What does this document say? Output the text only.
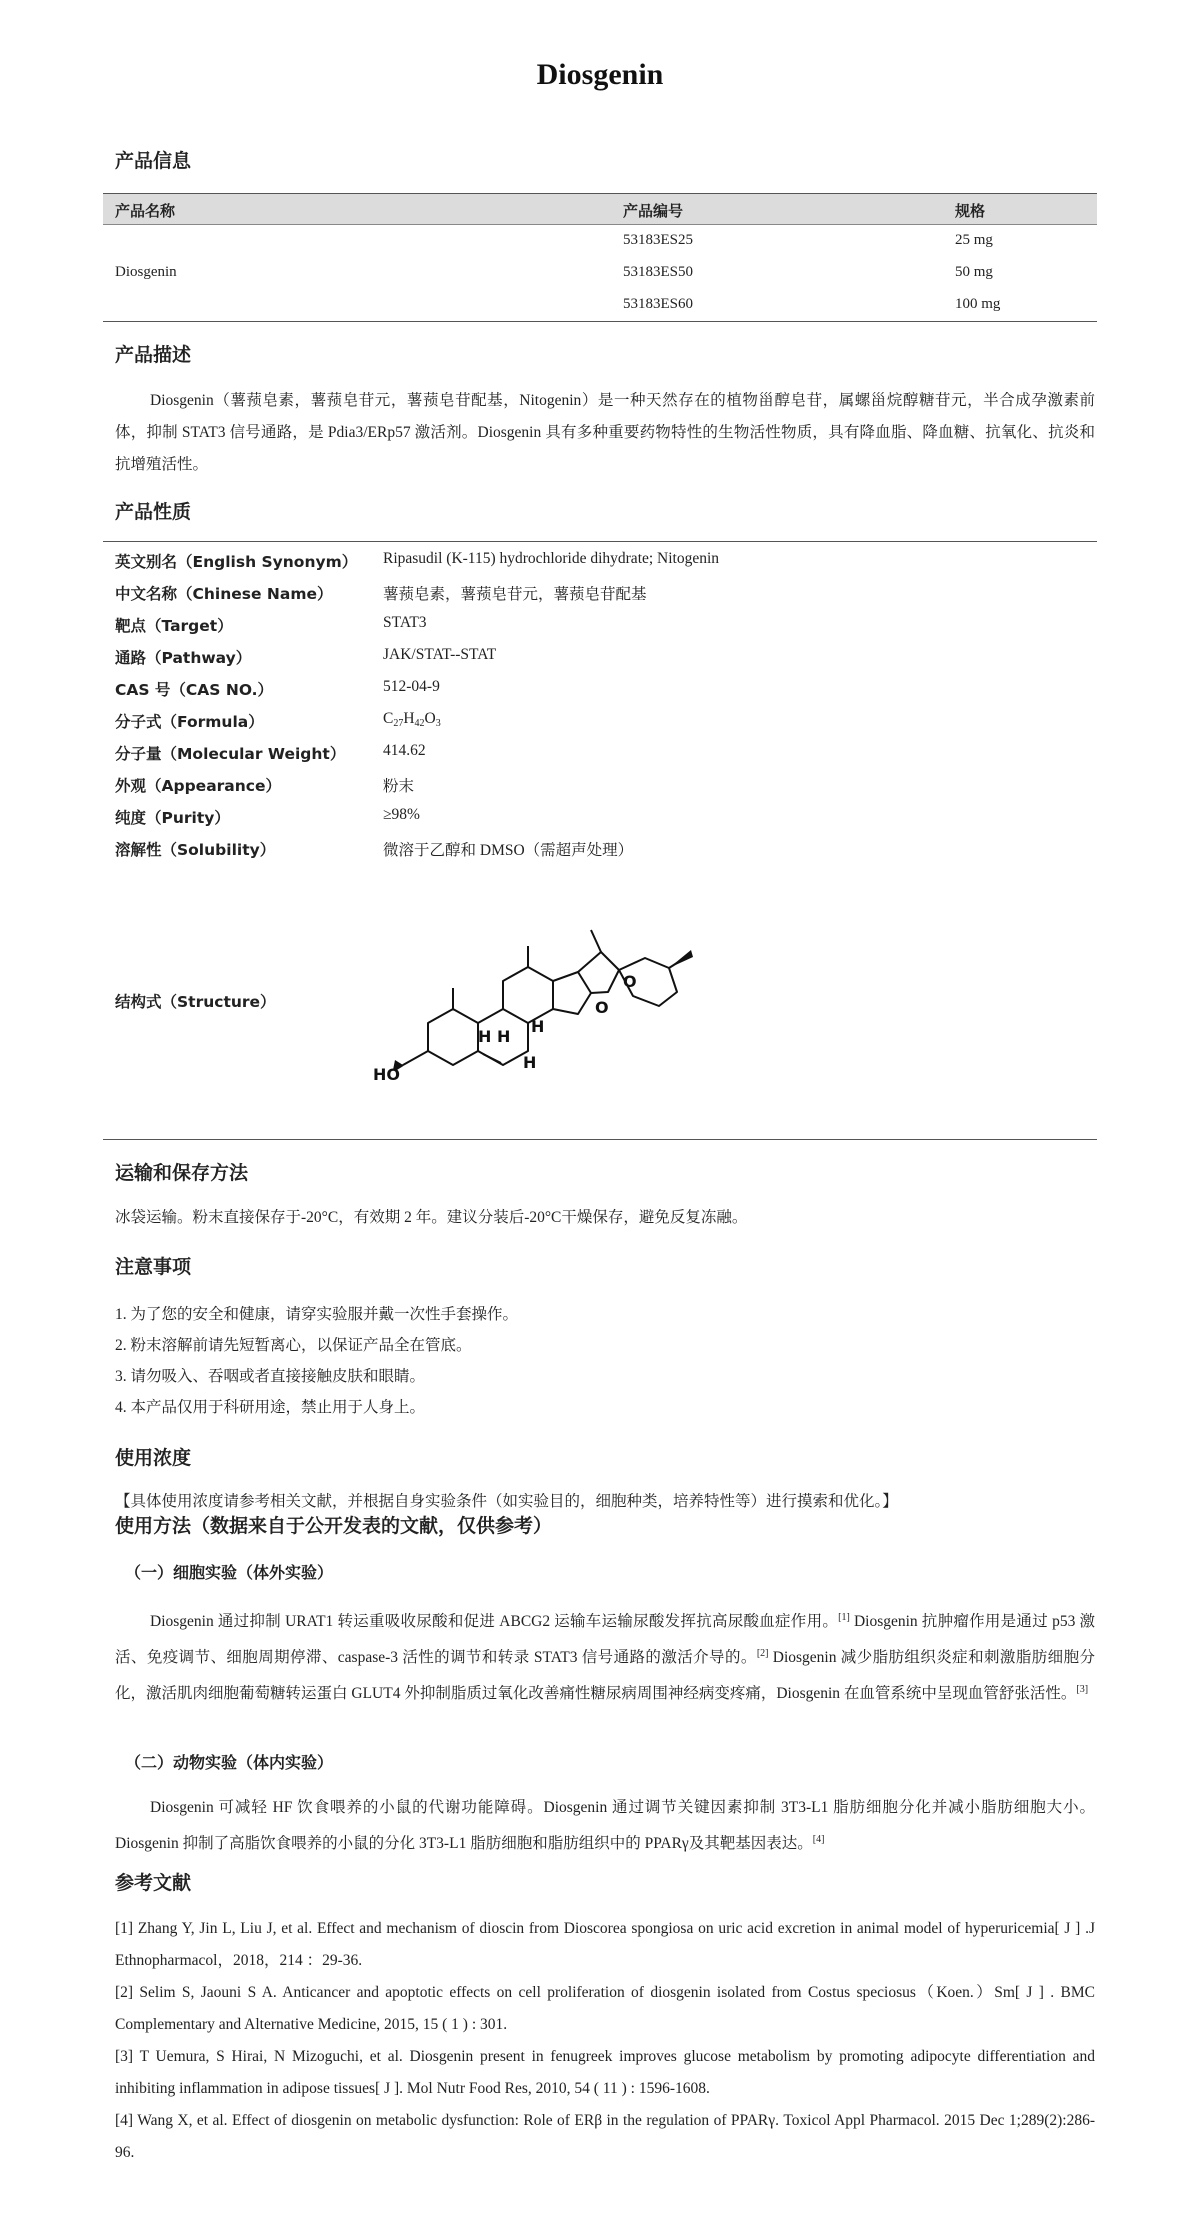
Diosgenin
产品信息
产品名称	产品编号	规格
Diosgenin
53183ES25	25 mg
53183ES50	50 mg
53183ES60	100 mg
产品描述
Diosgenin（薯蓣皂素，薯蓣皂苷元，薯蓣皂苷配基，Nitogenin）是一种天然存在的植物甾醇皂苷，属螺甾烷醇糖苷元，半合成孕激素前体，抑制 STAT3 信号通路，是 Pdia3/ERp57 激活剂。Diosgenin 具有多种重要药物特性的生物活性物质，具有降血脂、降血糖、抗氧化、抗炎和抗增殖活性。
产品性质
英文别名（English Synonym） Ripasudil (K-115) hydrochloride dihydrate; Nitogenin
中文名称（Chinese Name）	薯蓣皂素，薯蓣皂苷元，薯蓣皂苷配基
靶点（Target）	STAT3
通路（Pathway）	JAK/STAT--STAT
CAS 号（CAS NO.）	512-04-9
分子式（Formula）	C27H42O3
分子量（Molecular Weight） 414.62
外观（Appearance）	粉末
纯度（Purity）	≥98%
溶解性（Solubility）	微溶于乙醇和 DMSO（需超声处理）
结构式（Structure）
HO
H H
H
H
O
O
运输和保存方法
冰袋运输。粉末直接保存于-20°C，有效期 2 年。建议分装后-20°C干燥保存，避免反复冻融。
注意事项
1. 为了您的安全和健康，请穿实验服并戴一次性手套操作。
2. 粉末溶解前请先短暂离心，以保证产品全在管底。
3. 请勿吸入、吞咽或者直接接触皮肤和眼睛。
4. 本产品仅用于科研用途，禁止用于人身上。
使用浓度
【具体使用浓度请参考相关文献，并根据自身实验条件（如实验目的，细胞种类，培养特性等）进行摸索和优化。】
使用方法（数据来自于公开发表的文献，仅供参考）
（一）细胞实验（体外实验）
Diosgenin 通过抑制 URAT1 转运重吸收尿酸和促进 ABCG2 运输车运输尿酸发挥抗高尿酸血症作用。[1] Diosgenin 抗肿瘤作用是通过 p53 激活、免疫调节、细胞周期停滞、caspase-3 活性的调节和转录 STAT3 信号通路的激活介导的。[2] Diosgenin 减少脂肪组织炎症和刺激脂肪细胞分化，激活肌肉细胞葡萄糖转运蛋白 GLUT4 外抑制脂质过氧化改善痛性糖尿病周围神经病变疼痛，Diosgenin 在血管系统中呈现血管舒张活性。[3]
（二）动物实验（体内实验）
Diosgenin 可减轻 HF 饮食喂养的小鼠的代谢功能障碍。Diosgenin 通过调节关键因素抑制 3T3-L1 脂肪细胞分化并减小脂肪细胞大小。Diosgenin 抑制了高脂饮食喂养的小鼠的分化 3T3-L1 脂肪细胞和脂肪组织中的 PPARγ及其靶基因表达。[4]
参考文献
[1] Zhang Y, Jin L, Liu J, et al. Effect and mechanism of dioscin from Dioscorea spongiosa on uric acid excretion in animal model of hyperuricemia[ J ] .J Ethnopharmacol，2018，214 ：29-36.
[2] Selim S, Jaouni S A. Anticancer and apoptotic effects on cell proliferation of diosgenin isolated from Costus speciosus（Koen.）Sm[ J ] . BMC Complementary and Alternative Medicine, 2015, 15 ( 1 ) : 301.
[3] T Uemura, S Hirai, N Mizoguchi, et al. Diosgenin present in fenugreek improves glucose metabolism by promoting adipocyte differentiation and inhibiting inflammation in adipose tissues[ J ]. Mol Nutr Food Res, 2010, 54 ( 11 ) : 1596-1608.
[4] Wang X, et al. Effect of diosgenin on metabolic dysfunction: Role of ERβ in the regulation of PPARγ. Toxicol Appl Pharmacol. 2015 Dec 1;289(2):286-96.
